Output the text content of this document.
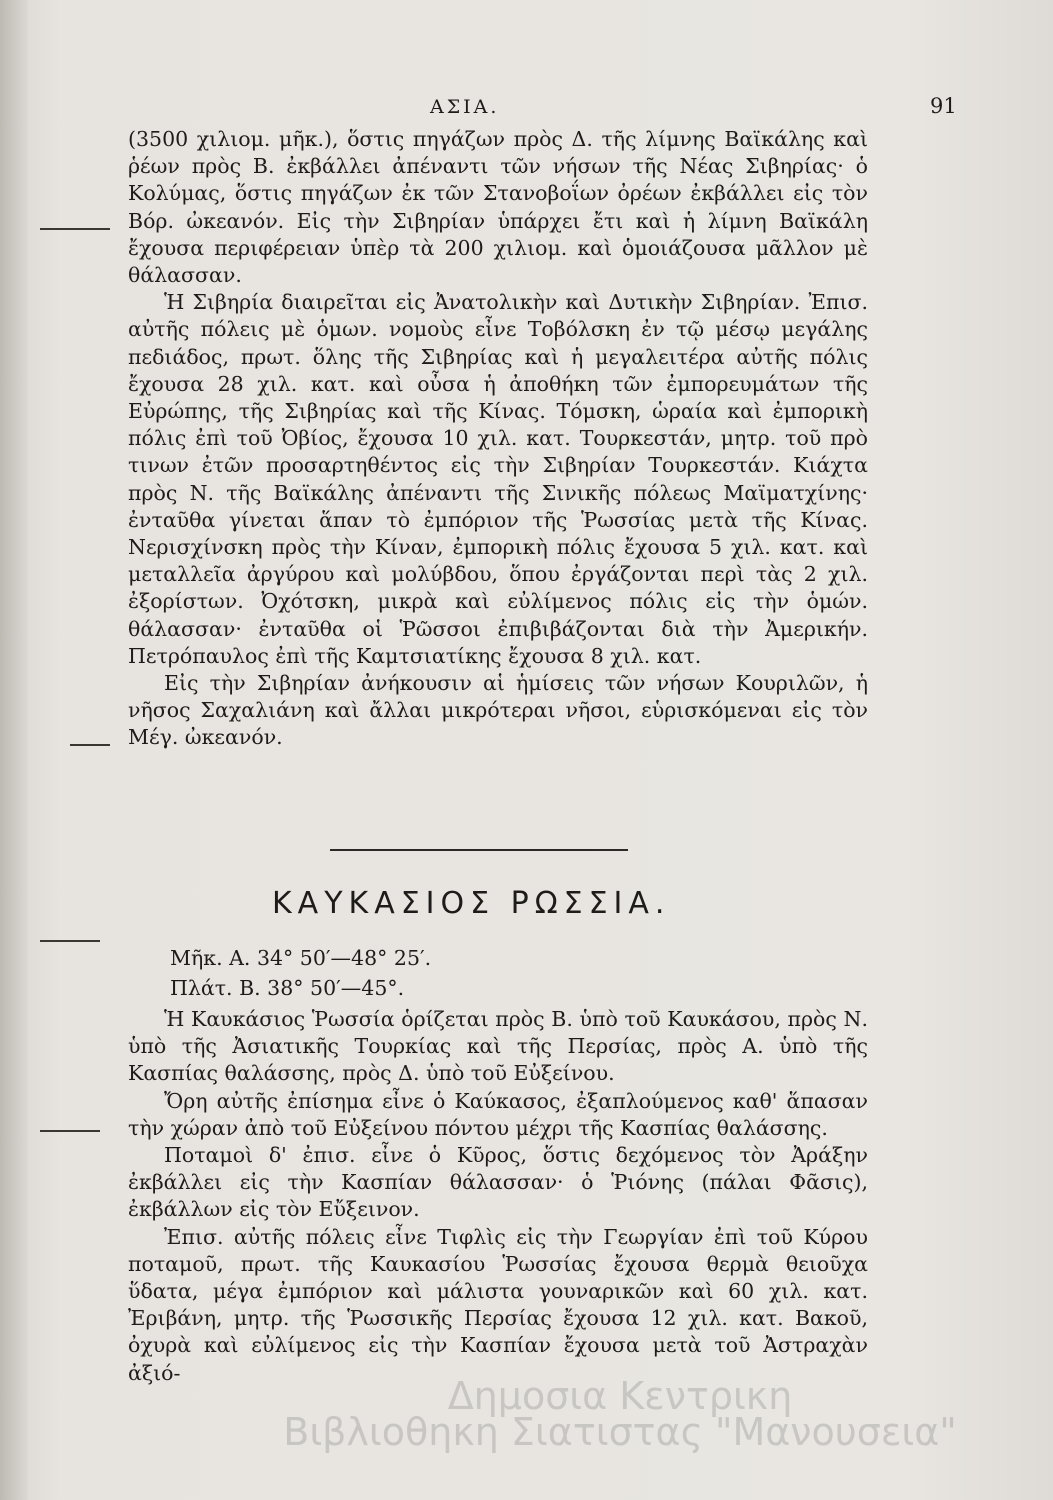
ΑΣΙΑ.	91

(3500 χιλιομ. μῆκ.), ὅστις πηγάζων πρὸς Δ. τῆς λίμνης Βαϊκάλης καὶ ῥέων πρὸς Β. ἐκβάλλει ἀπέναντι τῶν νήσων τῆς Νέας Σιβηρίας· ὁ Κολύμας, ὅστις πηγάζων ἐκ τῶν Στανοβοΐων ὀρέων ἐκβάλλει εἰς τὸν Βόρ. ὠκεανόν. Εἰς τὴν Σιβηρίαν ὑπάρχει ἔτι καὶ ἡ λίμνη Βαϊκάλη ἔχουσα περιφέρειαν ὑπὲρ τὰ 200 χιλιομ. καὶ ὁμοιάζουσα μᾶλλον μὲ θάλασσαν.

Ἡ Σιβηρία διαιρεῖται εἰς Ἀνατολικὴν καὶ Δυτικὴν Σιβηρίαν. Ἐπισ. αὐτῆς πόλεις μὲ ὁμων. νομοὺς εἶνε Τοβόλσκη ἐν τῷ μέσῳ μεγάλης πεδιάδος, πρωτ. ὅλης τῆς Σιβηρίας καὶ ἡ μεγαλειτέρα αὐτῆς πόλις ἔχουσα 28 χιλ. κατ. καὶ οὖσα ἡ ἀποθήκη τῶν ἐμπορευμάτων τῆς Εὐρώπης, τῆς Σιβηρίας καὶ τῆς Κίνας. Τόμσκη, ὡραία καὶ ἐμπορικὴ πόλις ἐπὶ τοῦ Ὀβίος, ἔχουσα 10 χιλ. κατ. Τουρκεστάν, μητρ. τοῦ πρὸ τινων ἐτῶν προσαρτηθέντος εἰς τὴν Σιβηρίαν Τουρκεστάν. Κιάχτα πρὸς Ν. τῆς Βαϊκάλης ἀπέναντι τῆς Σινικῆς πόλεως Μαϊματχίνης· ἐνταῦθα γίνεται ἅπαν τὸ ἐμπόριον τῆς Ῥωσσίας μετὰ τῆς Κίνας. Νερισχίνσκη πρὸς τὴν Κίναν, ἐμπορικὴ πόλις ἔχουσα 5 χιλ. κατ. καὶ μεταλλεῖα ἀργύρου καὶ μολύβδου, ὅπου ἐργάζονται περὶ τὰς 2 χιλ. ἐξορίστων. Ὀχότσκη, μικρὰ καὶ εὐλίμενος πόλις εἰς τὴν ὁμών. θάλασσαν· ἐνταῦθα οἱ Ῥῶσσοι ἐπιβιβάζονται διὰ τὴν Ἀμερικήν. Πετρόπαυλος ἐπὶ τῆς Καμτσιατίκης ἔχουσα 8 χιλ. κατ.

Εἰς τὴν Σιβηρίαν ἀνήκουσιν αἱ ἡμίσεις τῶν νήσων Κουριλῶν, ἡ νῆσος Σαχαλιάνη καὶ ἄλλαι μικρότεραι νῆσοι, εὑρισκόμεναι εἰς τὸν Μέγ. ὠκεανόν.

ΚΑΥΚΑΣΙΟΣ ΡΩΣΣΙΑ.
Μῆκ. Α. 34° 50′—48° 25′.
Πλάτ. Β. 38° 50′—45°.

Ἡ Καυκάσιος Ῥωσσία ὁρίζεται πρὸς Β. ὑπὸ τοῦ Καυκάσου, πρὸς Ν. ὑπὸ τῆς Ἀσιατικῆς Τουρκίας καὶ τῆς Περσίας, πρὸς Α. ὑπὸ τῆς Κασπίας θαλάσσης, πρὸς Δ. ὑπὸ τοῦ Εὐξείνου.

Ὄρη αὐτῆς ἐπίσημα εἶνε ὁ Καύκασος, ἐξαπλούμενος καθ' ἅπασαν τὴν χώραν ἀπὸ τοῦ Εὐξείνου πόντου μέχρι τῆς Κασπίας θαλάσσης.

Ποταμοὶ δ' ἐπισ. εἶνε ὁ Κῦρος, ὅστις δεχόμενος τὸν Ἀράξην ἐκβάλλει εἰς τὴν Κασπίαν θάλασσαν· ὁ Ῥιόνης (πάλαι Φᾶσις), ἐκβάλλων εἰς τὸν Εὔξεινον.

Ἐπισ. αὐτῆς πόλεις εἶνε Τιφλὶς εἰς τὴν Γεωργίαν ἐπὶ τοῦ Κύρου ποταμοῦ, πρωτ. τῆς Καυκασίου Ῥωσσίας ἔχουσα θερμὰ θειοῦχα ὕδατα, μέγα ἐμπόριον καὶ μάλιστα γουναρικῶν καὶ 60 χιλ. κατ. Ἐριβάνη, μητρ. τῆς Ῥωσσικῆς Περσίας ἔχουσα 12 χιλ. κατ. Βακοῦ, ὀχυρὰ καὶ εὐλίμενος εἰς τὴν Κασπίαν ἔχουσα μετὰ τοῦ Ἀστραχὰν ἀξιό-

Δημοσια Κεντρικη
Βιβλιοθηκη Σιατιστας "Μανουσεια"
